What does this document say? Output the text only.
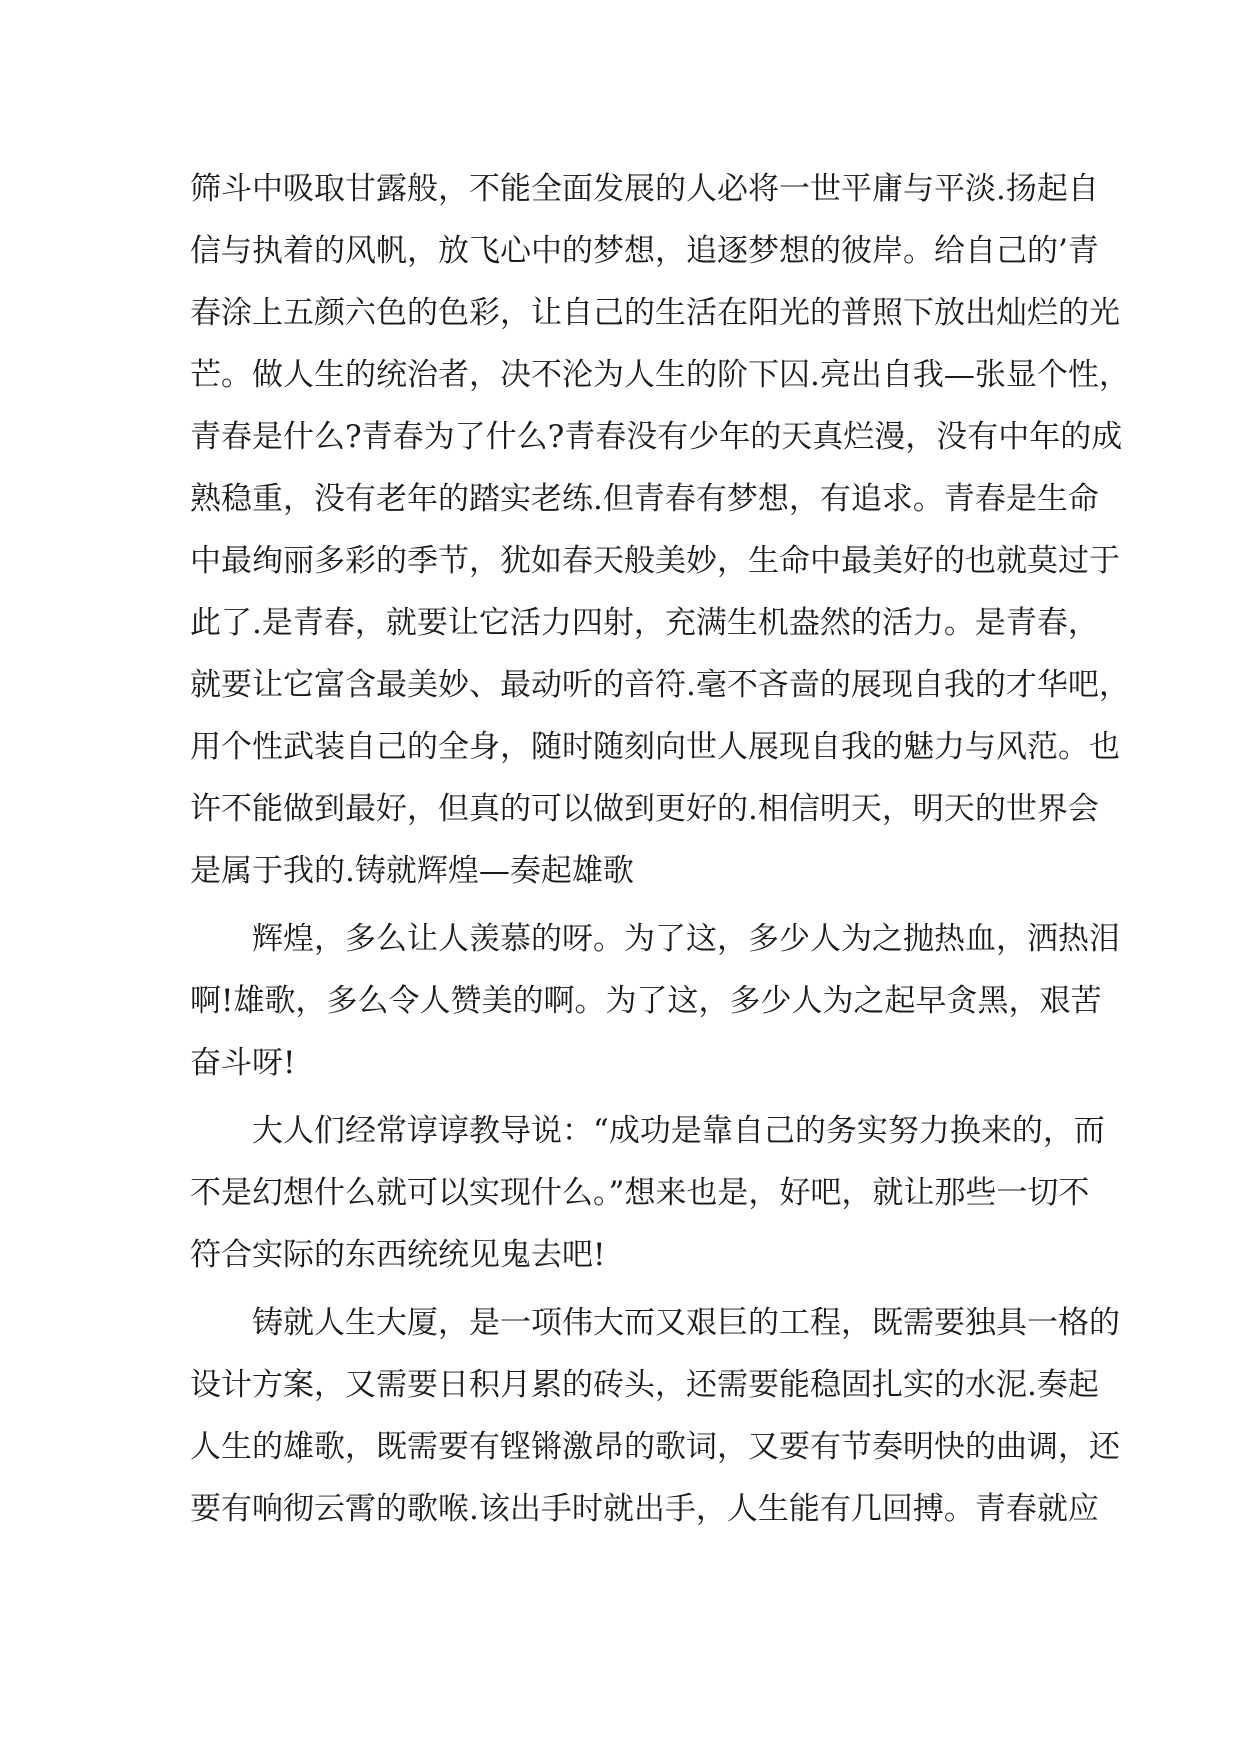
筛斗中吸取甘露般，不能全面发展的人必将一世平庸与平淡.扬起自
信与执着的风帆，放飞心中的梦想，追逐梦想的彼岸。给自己的’青
春涂上五颜六色的色彩，让自己的生活在阳光的普照下放出灿烂的光
芒。做人生的统治者，决不沦为人生的阶下囚.亮出自我—张显个性，
青春是什么?青春为了什么?青春没有少年的天真烂漫，没有中年的成
熟稳重，没有老年的踏实老练.但青春有梦想，有追求。青春是生命
中最绚丽多彩的季节，犹如春天般美妙，生命中最美好的也就莫过于
此了.是青春，就要让它活力四射，充满生机盎然的活力。是青春，
就要让它富含最美妙、最动听的音符.毫不吝啬的展现自我的才华吧，
用个性武装自己的全身，随时随刻向世人展现自我的魅力与风范。也
许不能做到最好，但真的可以做到更好的.相信明天，明天的世界会
是属于我的.铸就辉煌—奏起雄歌
辉煌，多么让人羡慕的呀。为了这，多少人为之抛热血，洒热泪
啊!雄歌，多么令人赞美的啊。为了这，多少人为之起早贪黑，艰苦
奋斗呀!
大人们经常谆谆教导说：“成功是靠自己的务实努力换来的，而
不是幻想什么就可以实现什么。”想来也是，好吧，就让那些一切不
符合实际的东西统统见鬼去吧!
铸就人生大厦，是一项伟大而又艰巨的工程，既需要独具一格的
设计方案，又需要日积月累的砖头，还需要能稳固扎实的水泥.奏起
人生的雄歌，既需要有铿锵激昂的歌词，又要有节奏明快的曲调，还
要有响彻云霄的歌喉.该出手时就出手，人生能有几回搏。青春就应
